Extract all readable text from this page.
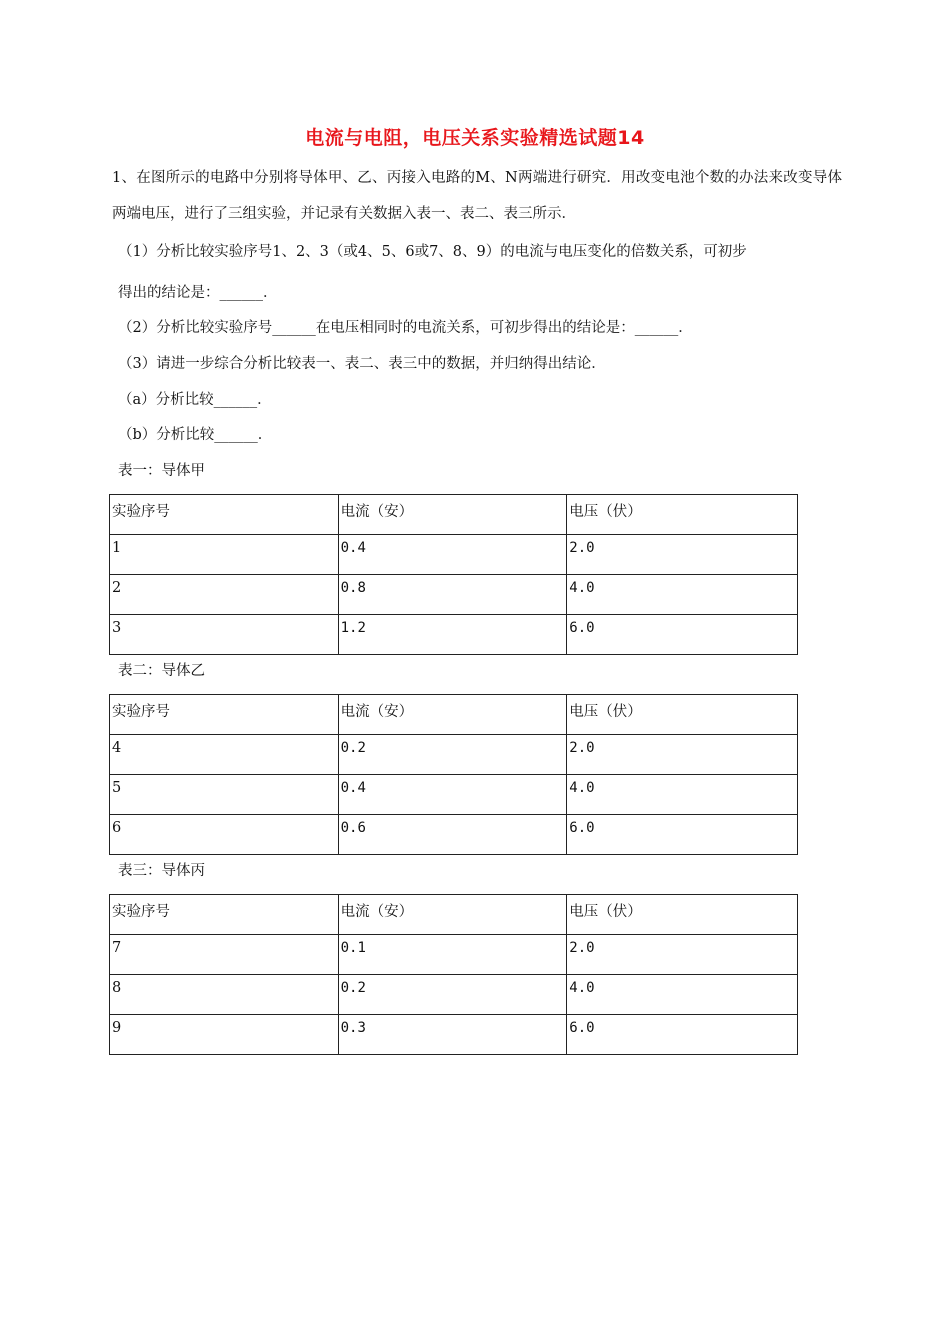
电流与电阻，电压关系实验精选试题14
1、在图所示的电路中分别将导体甲、乙、丙接入电路的M、N两端进行研究．用改变电池个数的办法来改变导体两端电压，进行了三组实验，并记录有关数据入表一、表二、表三所示．
（1）分析比较实验序号1、2、3（或4、5、6或7、8、9）的电流与电压变化的倍数关系，可初步
得出的结论是：______．
（2）分析比较实验序号______在电压相同时的电流关系，可初步得出的结论是：______．
（3）请进一步综合分析比较表一、表二、表三中的数据，并归纳得出结论．
（a）分析比较______．
（b）分析比较______．
表一：导体甲
实验序号	电流（安）	电压（伏）
1	0.4	2.0
2	0.8	4.0
3	1.2	6.0
表二：导体乙
实验序号	电流（安）	电压（伏）
4	0.2	2.0
5	0.4	4.0
6	0.6	6.0
表三：导体丙
实验序号	电流（安）	电压（伏）
7	0.1	2.0
8	0.2	4.0
9	0.3	6.0
